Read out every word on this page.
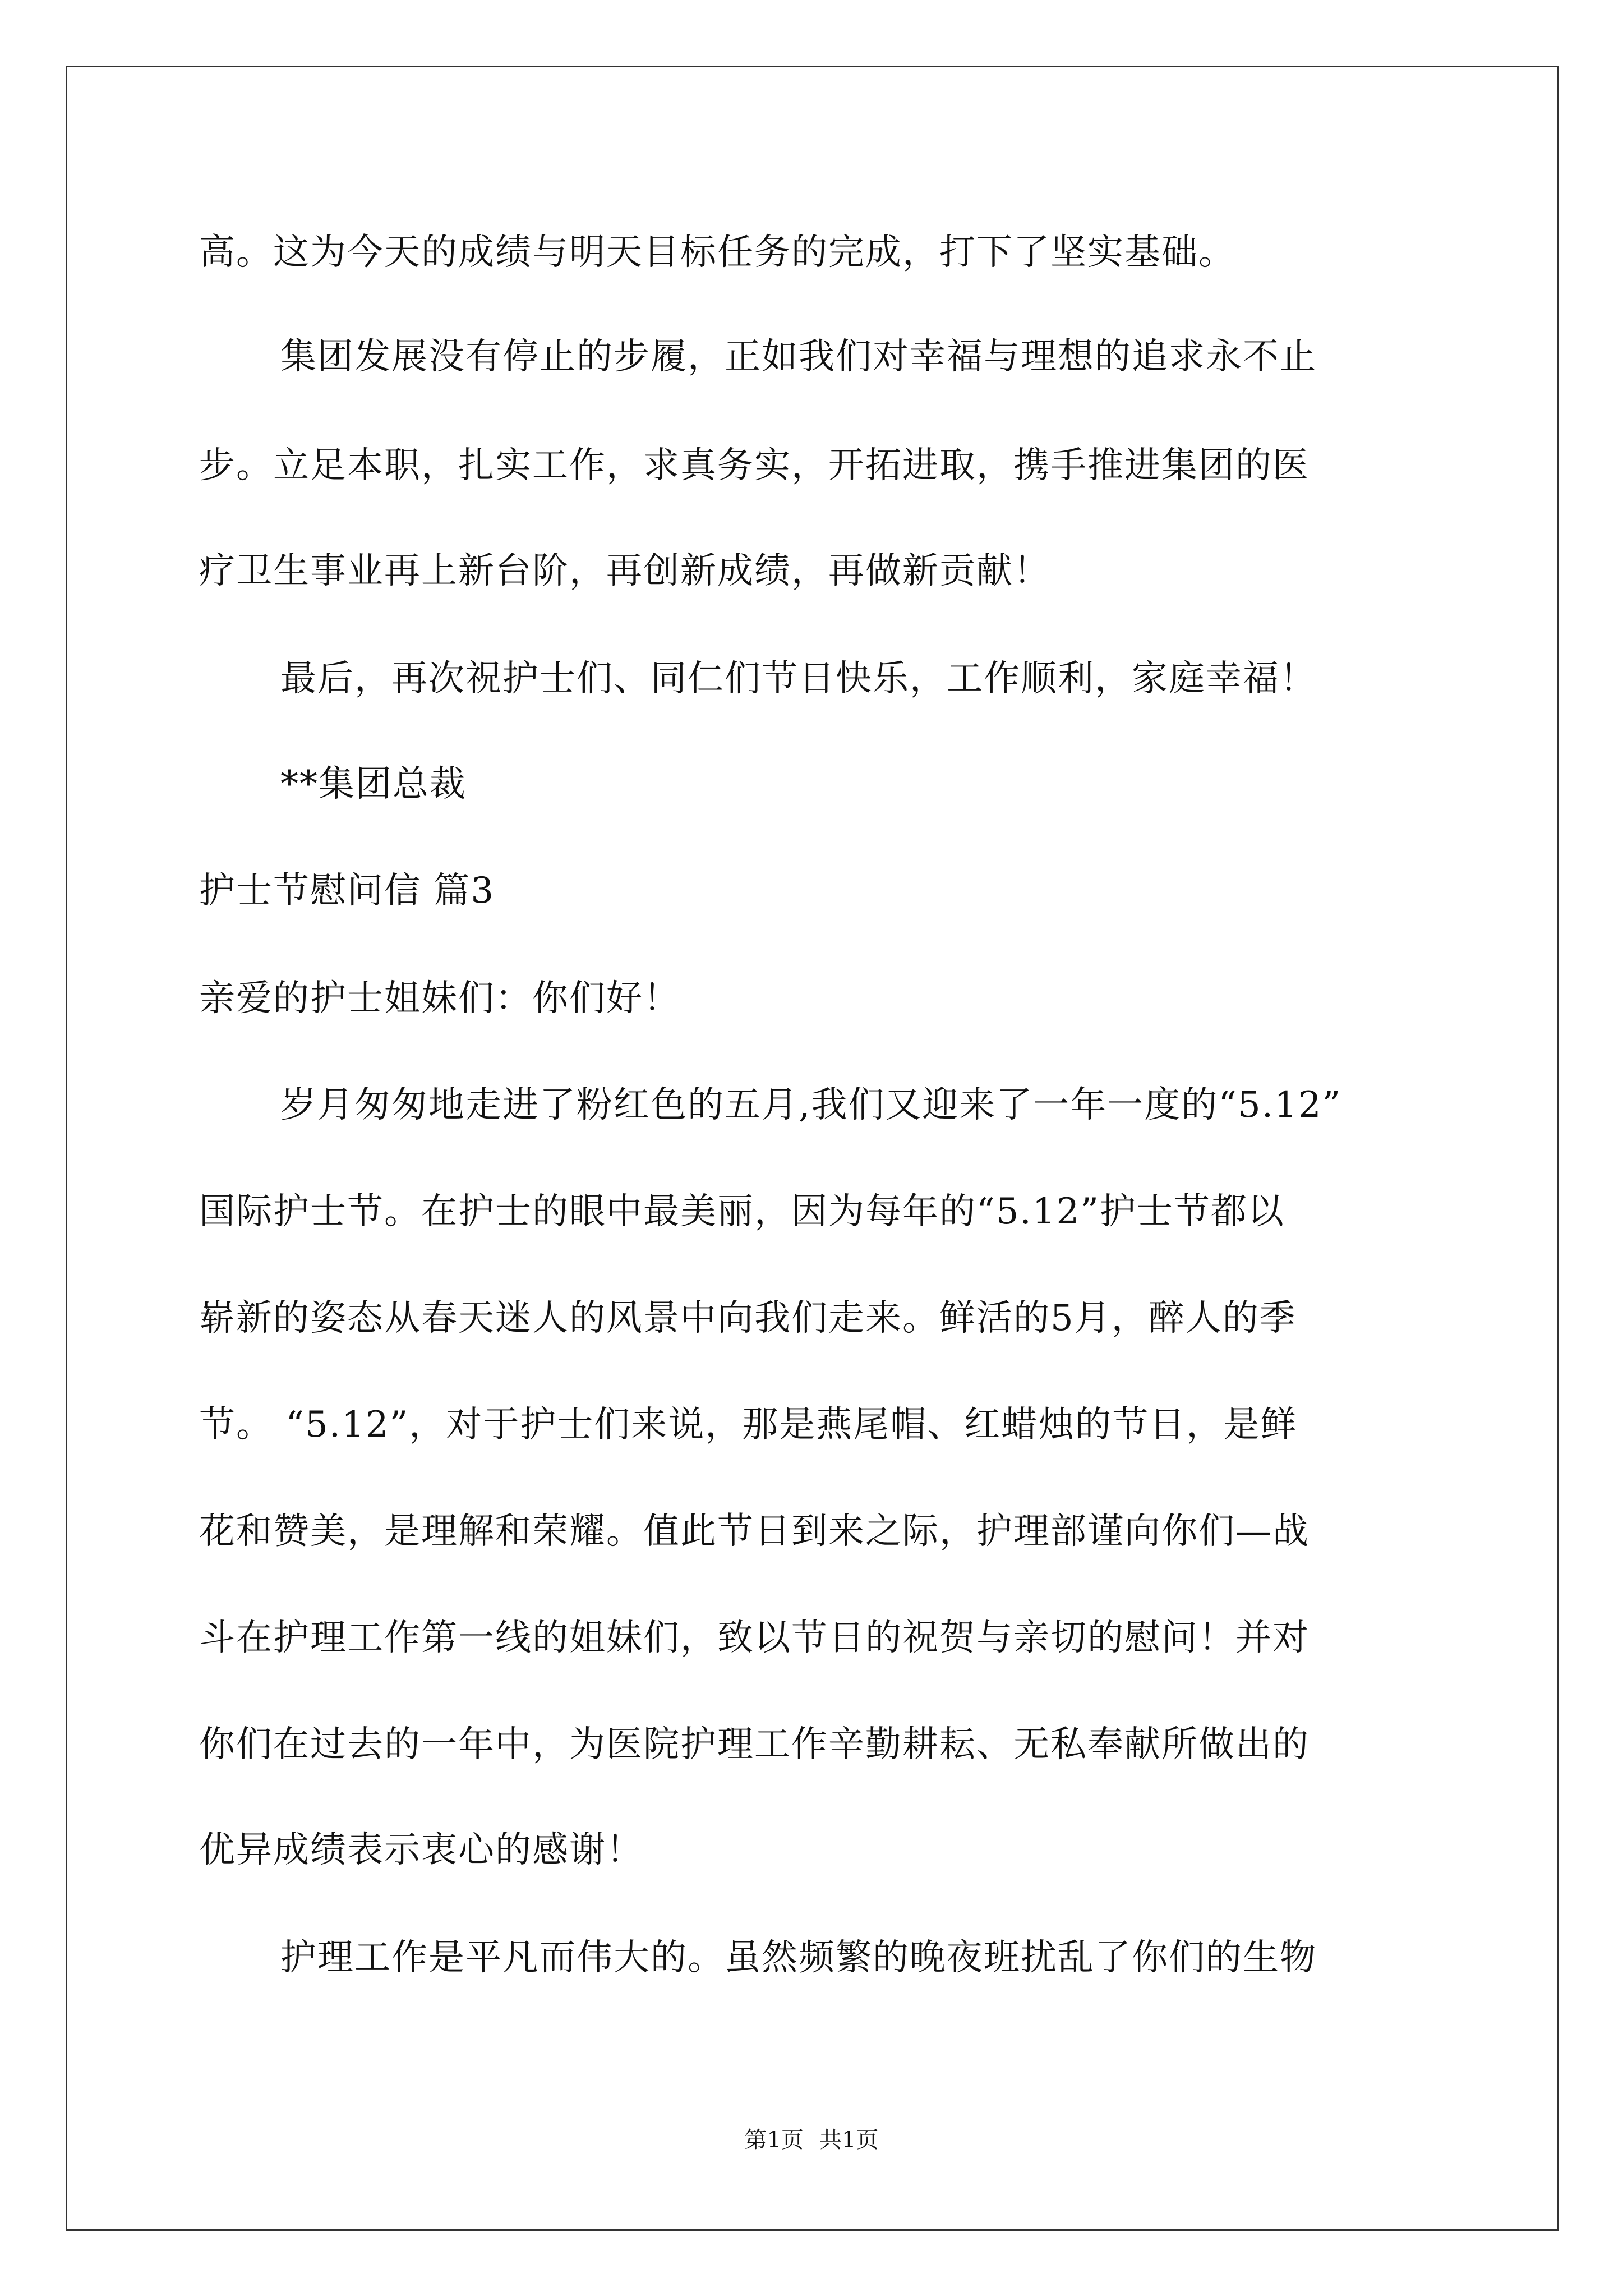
高。这为今天的成绩与明天目标任务的完成，打下了坚实基础。
集团发展没有停止的步履，正如我们对幸福与理想的追求永不止
步。立足本职，扎实工作，求真务实，开拓进取，携手推进集团的医
疗卫生事业再上新台阶，再创新成绩，再做新贡献！
最后，再次祝护士们、同仁们节日快乐，工作顺利，家庭幸福！
**集团总裁
护士节慰问信 篇3
亲爱的护士姐妹们：你们好！
岁月匆匆地走进了粉红色的五月,我们又迎来了一年一度的“5.12”
国际护士节。在护士的眼中最美丽，因为每年的“5.12”护士节都以
崭新的姿态从春天迷人的风景中向我们走来。鲜活的5月，醉人的季
节。 “5.12”，对于护士们来说，那是燕尾帽、红蜡烛的节日，是鲜
花和赞美，是理解和荣耀。值此节日到来之际，护理部谨向你们—战
斗在护理工作第一线的姐妹们，致以节日的祝贺与亲切的慰问！并对
你们在过去的一年中，为医院护理工作辛勤耕耘、无私奉献所做出的
优异成绩表示衷心的感谢！
护理工作是平凡而伟大的。虽然频繁的晚夜班扰乱了你们的生物
第1页 共1页
